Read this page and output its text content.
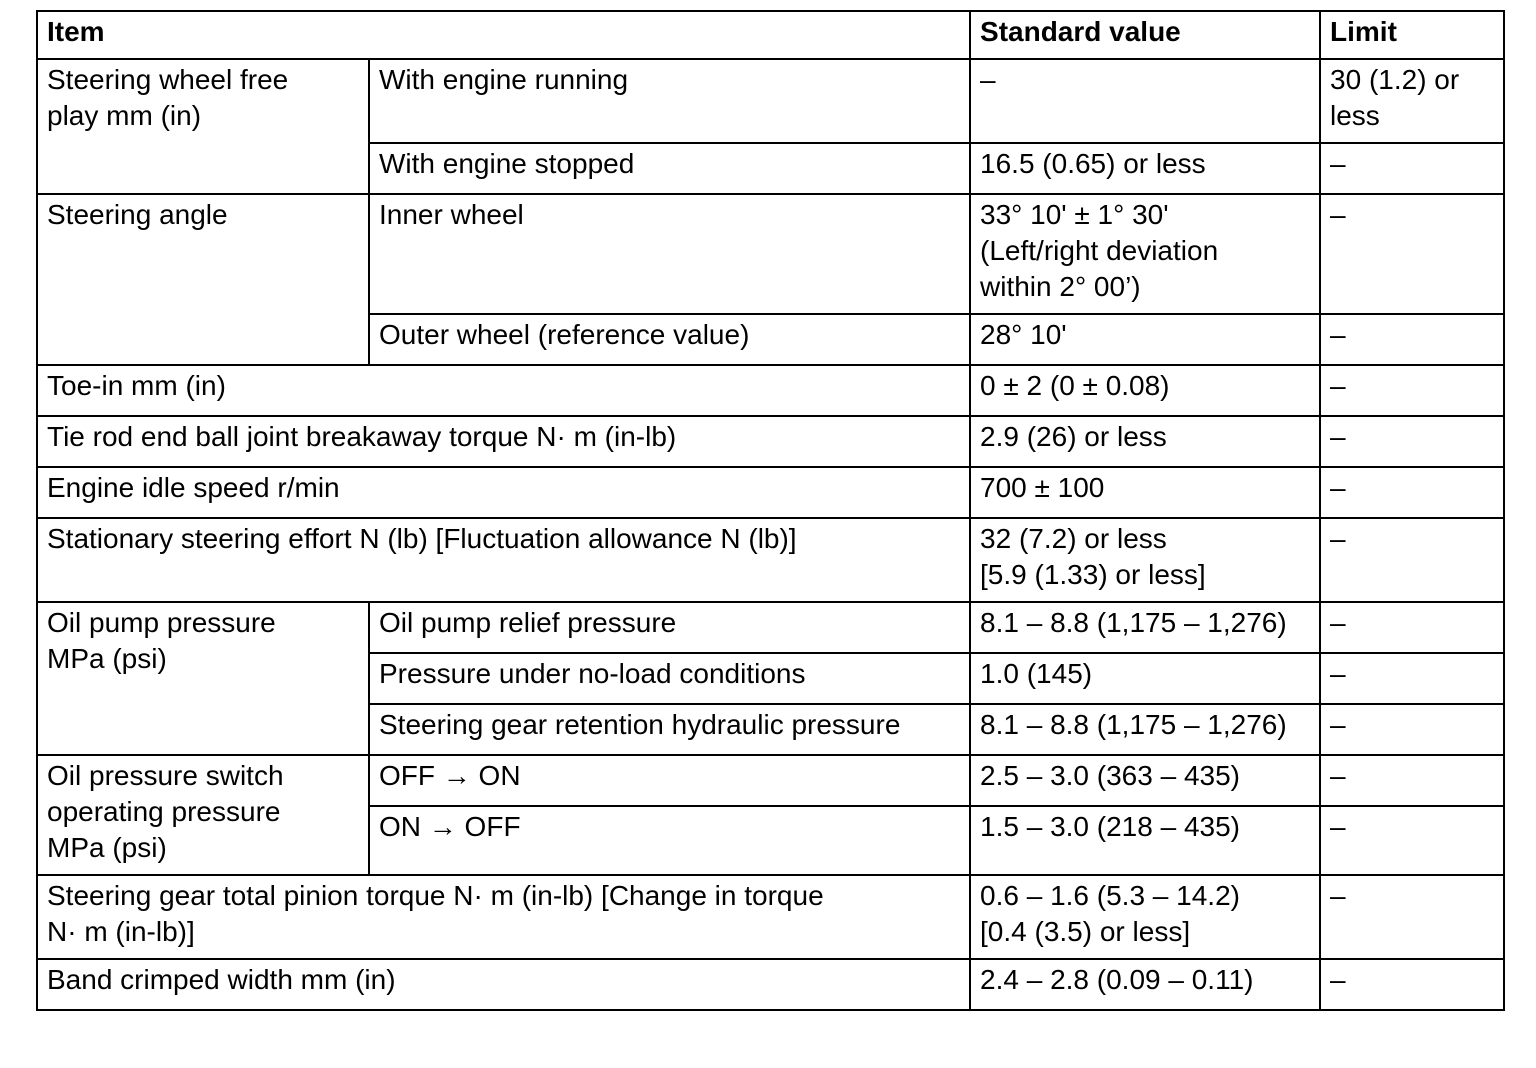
Item		Standard value	Limit

Steering wheel free
play mm (in)	With engine running	–	30 (1.2) or
less

	With engine stopped	16.5 (0.65) or less	–
Steering angle	Inner wheel	33° 10' ± 1° 30'
(Left/right deviation
within 2° 00’)	–
	Outer wheel (reference value)	28° 10'	–
Toe-in mm (in)		0 ± 2 (0 ± 0.08)	–
Tie rod end ball joint breakaway torque N· m (in-lb)		2.9 (26) or less	–
Engine idle speed r/min		700 ± 100	–
Stationary steering effort N (lb) [Fluctuation allowance N (lb)]		32 (7.2) or less
[5.9 (1.33) or less]	–

Oil pump pressure
MPa (psi)	Oil pump relief pressure	8.1 – 8.8 (1,175 – 1,276)	–
	Pressure under no-load conditions	1.0 (145)	–
	Steering gear retention hydraulic pressure	8.1 – 8.8 (1,175 – 1,276)	–

Oil pressure switch
operating pressure
MPa (psi)	OFF → ON	2.5 – 3.0 (363 – 435)	–
	ON → OFF	1.5 – 3.0 (218 – 435)	–

Steering gear total pinion torque N· m (in-lb) [Change in torque
N· m (in-lb)]		0.6 – 1.6 (5.3 – 14.2)
[0.4 (3.5) or less]	–
Band crimped width mm (in)		2.4 – 2.8 (0.09 – 0.11)	–
